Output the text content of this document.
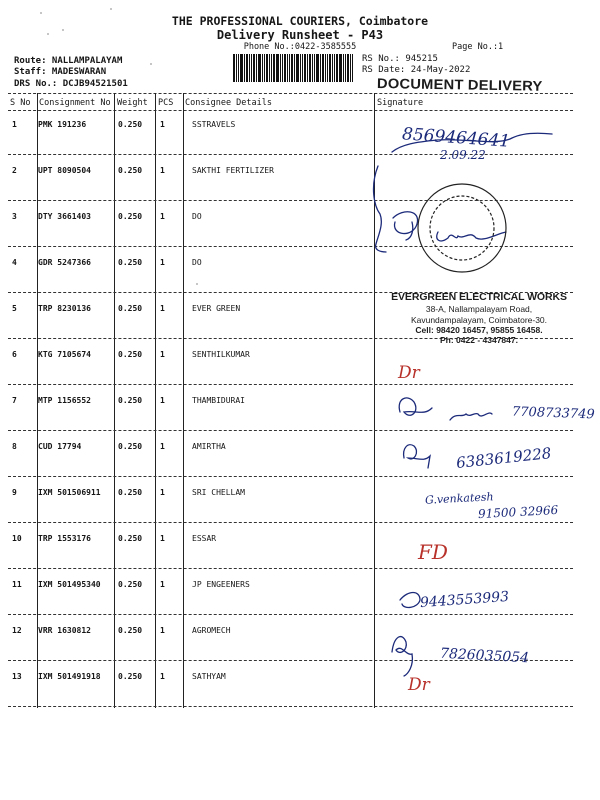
THE PROFESSIONAL COURIERS, Coimbatore
Delivery Runsheet - P43
Phone No.:0422-3585555	Page No.:1
Route: NALLAMPALAYAM
Staff: MADESWARAN
DRS No.: DCJB94521501
RS No.: 945215
RS Date: 24-May-2022
DOCUMENT DELIVERY
S No Consignment No Weight PCS Consignee Details	Signature
1	PMK 191236	0.250 1	SSTRAVELS
2	UPT 8090504	0.250 1	SAKTHI FERTILIZER
3	DTY 3661403	0.250 1	DO
4	GDR 5247366	0.250 1	DO
5	TRP 8230136	0.250 1	EVER GREEN
6	KTG 7105674	0.250 1	SENTHILKUMAR
7	MTP 1156552	0.250 1	THAMBIDURAI
8	CUD 17794	0.250 1	AMIRTHA
9	IXM 501506911 0.250 1	SRI CHELLAM
10 TRP 1553176	0.250 1	ESSAR
11 IXM 501495340 0.250 1	JP ENGEENERS
12 VRR 1630812	0.250 1	AGROMECH
13 IXM 501491918 0.250 1	SATHYAM
8569464641
2.09.22
Dr
7708733749
6383619228
G.venkatesh
91500 32966
FD
9443553993
7826035054
Dr
EVERGREEN ELECTRICAL WORKS
38-A, Nallampalayam Road,
Kavundampalayam, Coimbatore-30.
Cell: 98420 16457, 95855 16458.
Ph: 0422 - 4347847.
